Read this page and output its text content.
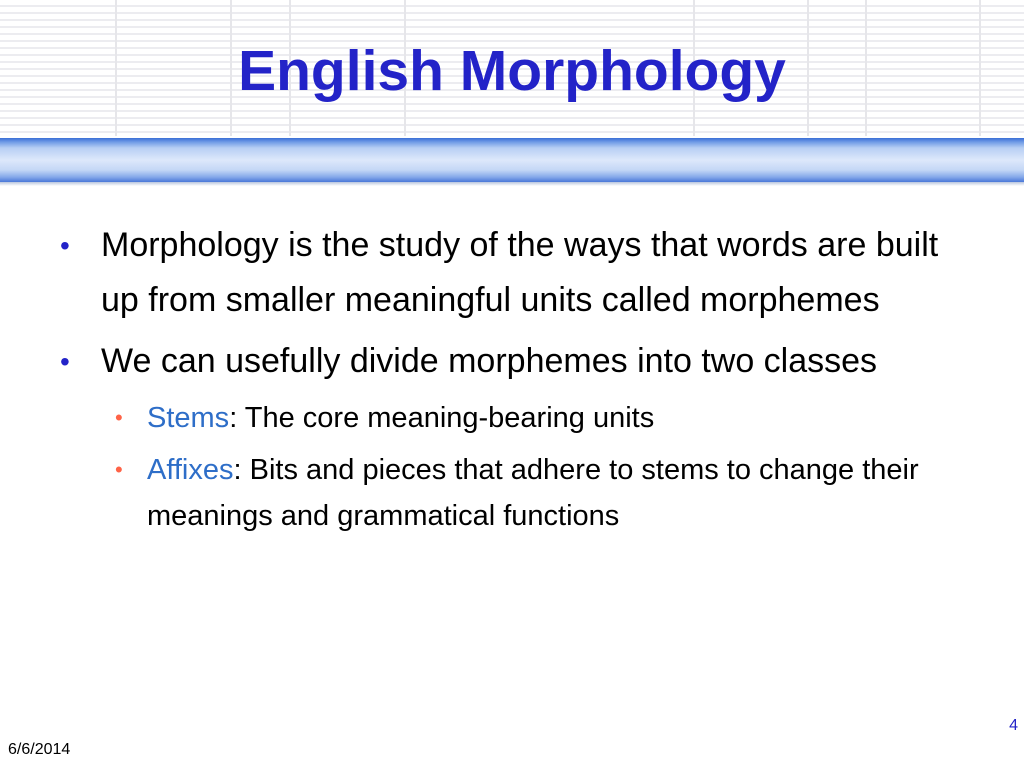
English Morphology
• Morphology is the study of the ways that words are built up from smaller meaningful units called morphemes
• We can usefully divide morphemes into two classes
• Stems: The core meaning-bearing units
• Affixes: Bits and pieces that adhere to stems to change their meanings and grammatical functions
4
6/6/2014
